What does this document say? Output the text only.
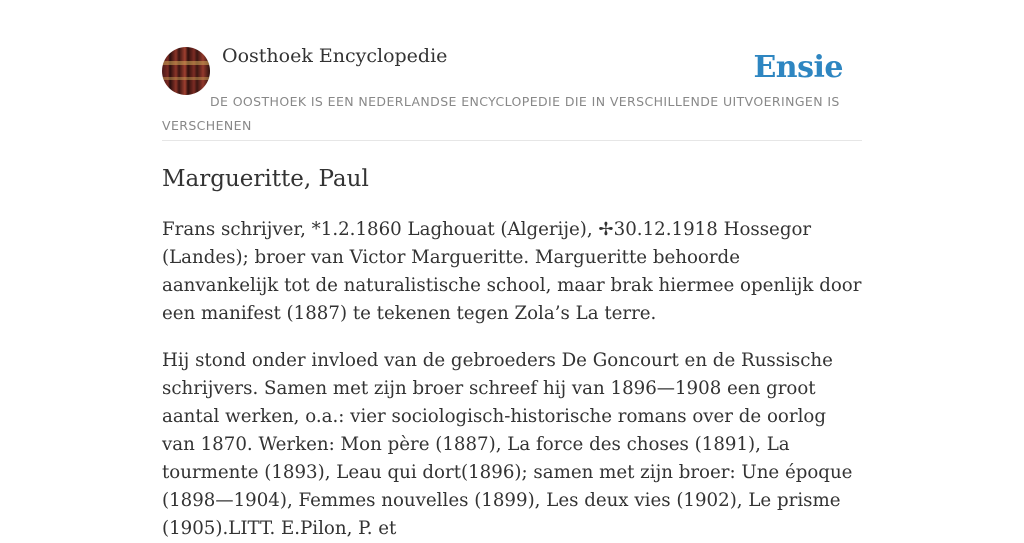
Oosthoek Encyclopedie	Ensie
DE OOSTHOEK IS EEN NEDERLANDSE ENCYCLOPEDIE DIE IN VERSCHILLENDE UITVOERINGEN IS VERSCHENEN
Margueritte, Paul

Frans schrijver, *1.2.1860 Laghouat (Algerije), ✢30.12.1918 Hossegor (Landes); broer van Victor Margueritte. Margueritte behoorde aanvankelijk tot de naturalistische school, maar brak hiermee openlijk door een manifest (1887) te tekenen tegen Zola’s La terre.

Hij stond onder invloed van de gebroeders De Goncourt en de Russische schrijvers. Samen met zijn broer schreef hij van 1896—1908 een groot aantal werken, o.a.: vier sociologisch-historische romans over de oorlog van 1870. Werken: Mon père (1887), La force des choses (1891), La tourmente (1893), Leau qui dort(1896); samen met zijn broer: Une époque (1898—1904), Femmes nouvelles (1899), Les deux vies (1902), Le prisme (1905).LITT. E.Pilon, P. et
